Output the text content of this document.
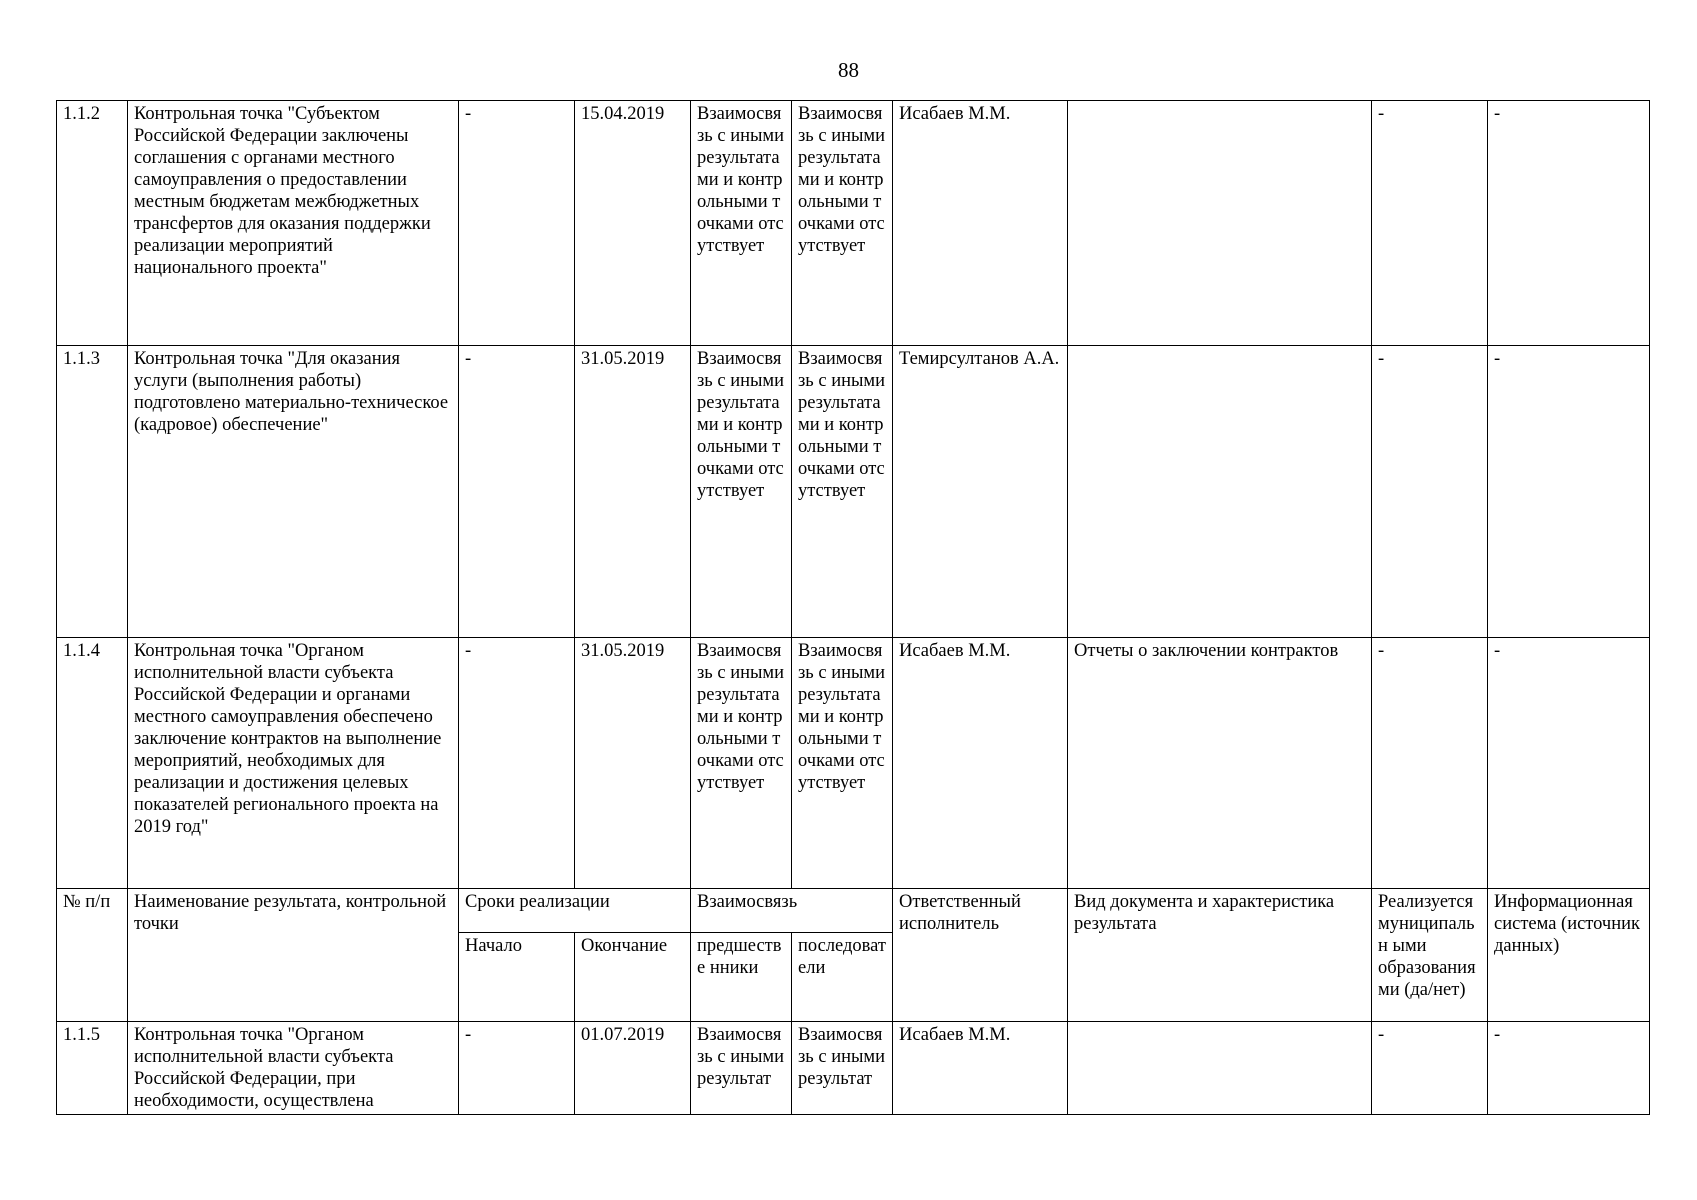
88
1.1.2	Контрольная точка "Субъектом Российской Федерации заключены соглашения с органами местного самоуправления о предоставлении местным бюджетам межбюджетных трансфертов для оказания поддержки реализации мероприятий национального проекта"	-	15.04.2019	Взаимосвязь с иными результатами и контрольными точками отсутствует	Взаимосвязь с иными результатами и контрольными точками отсутствует	Исабаев М.М.		-	-
1.1.3	Контрольная точка "Для оказания услуги (выполнения работы) подготовлено материально-техническое (кадровое) обеспечение"	-	31.05.2019	Взаимосвязь с иными результатами и контрольными точками отсутствует	Взаимосвязь с иными результатами и контрольными точками отсутствует	Темирсултанов А.А.		-	-
1.1.4	Контрольная точка "Органом исполнительной власти субъекта Российской Федерации и органами местного самоуправления обеспечено заключение контрактов на выполнение мероприятий, необходимых для реализации и достижения целевых показателей регионального проекта на 2019 год"	-	31.05.2019	Взаимосвязь с иными результатами и контрольными точками отсутствует	Взаимосвязь с иными результатами и контрольными точками отсутствует	Исабаев М.М.	Отчеты о заключении контрактов	-	-
№ п/п	Наименование результата, контрольной точки	Сроки реализации		Взаимосвязь		Ответственный исполнитель	Вид документа и характеристика результата	Реализуется муниципальн ыми образования ми (да/нет)	Информационная система (источник данных)
		Начало	Окончание	предшестве нники	последоват ели				
1.1.5	Контрольная точка "Органом исполнительной власти субъекта Российской Федерации, при необходимости, осуществлена	-	01.07.2019	Взаимосвязь с иными результат	Взаимосвязь с иными результат	Исабаев М.М.		-	-
